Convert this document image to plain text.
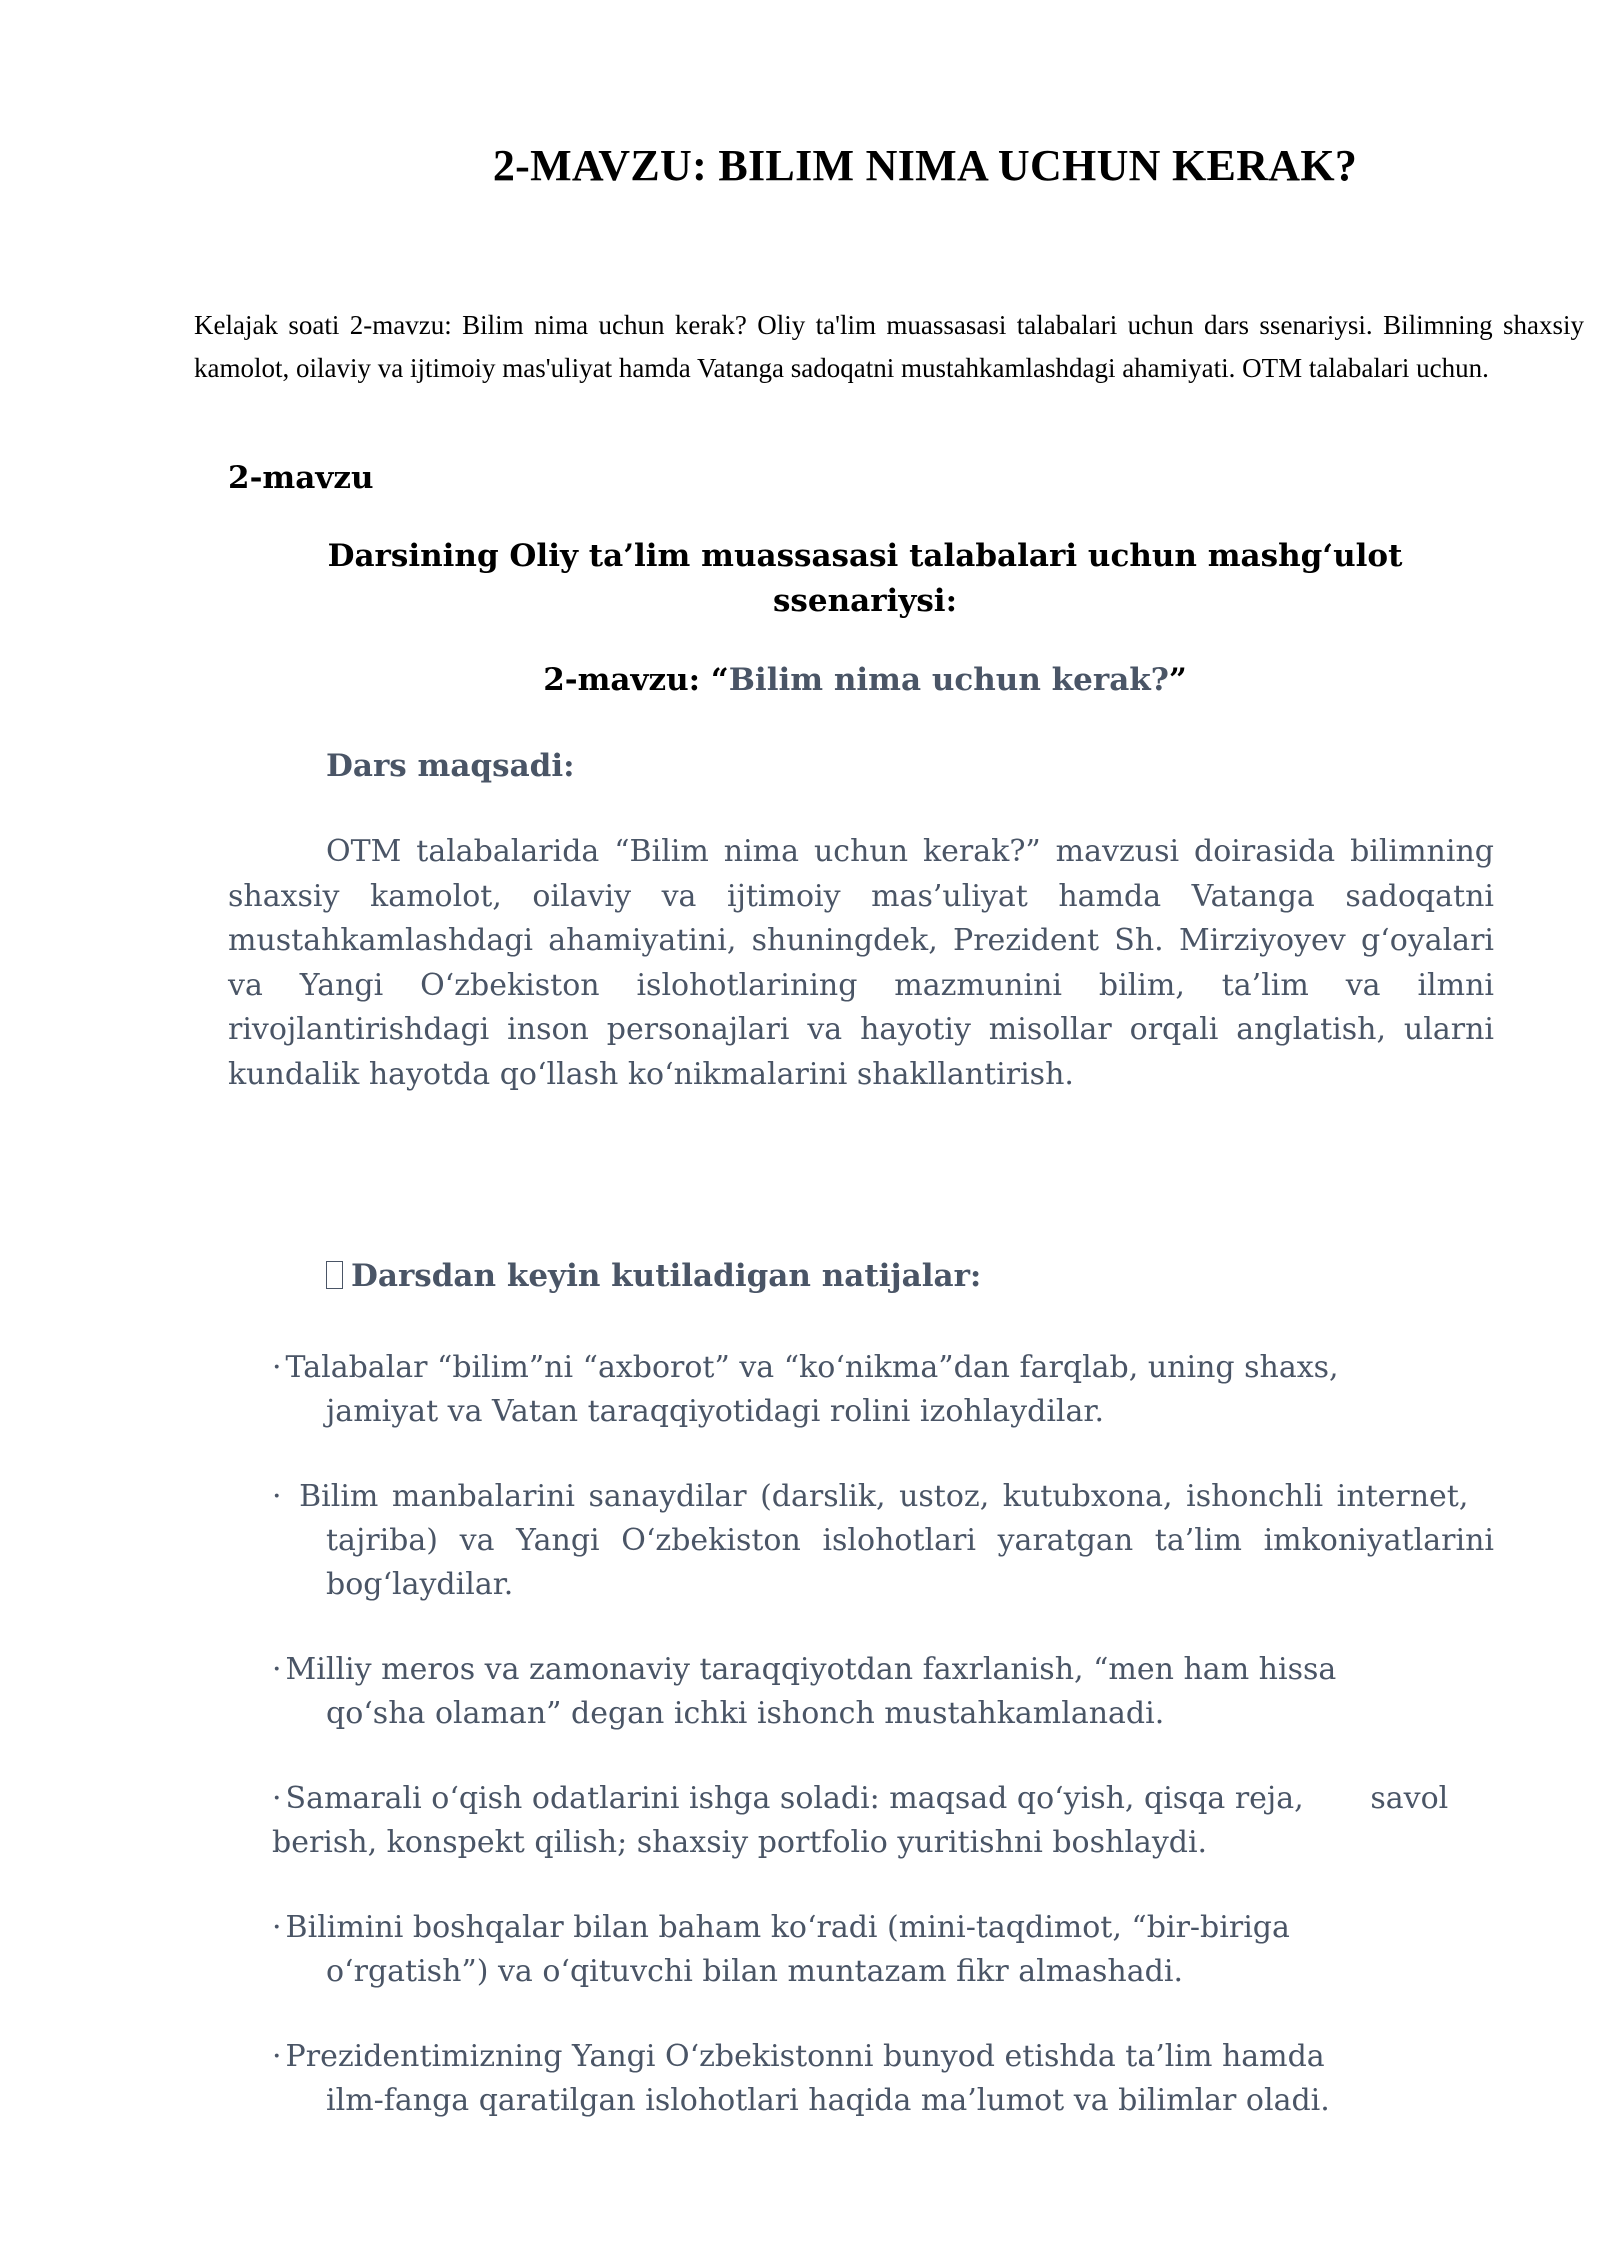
2-MAVZU: BILIM NIMA UCHUN KERAK?

Kelajak soati 2-mavzu: Bilim nima uchun kerak? Oliy ta'lim muassasasi talabalari uchun dars ssenariysi. Bilimning shaxsiy kamolot, oilaviy va ijtimoiy mas'uliyat hamda Vatanga sadoqatni mustahkamlashdagi ahamiyati. OTM talabalari uchun.

2-mavzu
Darsining Oliy ta’lim muassasasi talabalari uchun mashg‘ulot
ssenariysi:
2-mavzu: “Bilim nima uchun kerak?”
Dars maqsadi:

OTM talabalarida “Bilim nima uchun kerak?” mavzusi doirasida bilimning shaxsiy kamolot, oilaviy va ijtimoiy mas’uliyat hamda Vatanga sadoqatni mustahkamlashdagi ahamiyatini, shuningdek, Prezident Sh. Mirziyoyev g‘oyalari va Yangi O‘zbekiston islohotlarining mazmunini bilim, ta’lim va ilmni rivojlantirishdagi inson personajlari va hayotiy misollar orqali anglatish, ularni kundalik hayotda qo‘llash ko‘nikmalarini shakllantirish.

Darsdan keyin kutiladigan natijalar:
· Talabalar “bilim”ni “axborot” va “ko‘nikma”dan farqlab, uning shaxs,
jamiyat va Vatan taraqqiyotidagi rolini izohlaydilar.
· Bilim manbalarini sanaydilar (darslik, ustoz, kutubxona, ishonchli internet,
tajriba) va Yangi O‘zbekiston islohotlari yaratgan ta’lim imkoniyatlarini bog‘laydilar.
· Milliy meros va zamonaviy taraqqiyotdan faxrlanish, “men ham hissa
qo‘sha olaman” degan ichki ishonch mustahkamlanadi.
· Samarali o‘qish odatlarini ishga soladi: maqsad qo‘yish, qisqa reja,       savol
berish, konspekt qilish; shaxsiy portfolio yuritishni boshlaydi.
· Bilimini boshqalar bilan baham ko‘radi (mini-taqdimot, “bir-biriga
o‘rgatish”) va o‘qituvchi bilan muntazam fikr almashadi.
· Prezidentimizning Yangi O‘zbekistonni bunyod etishda ta’lim hamda
ilm-fanga qaratilgan islohotlari haqida ma’lumot va bilimlar oladi.
